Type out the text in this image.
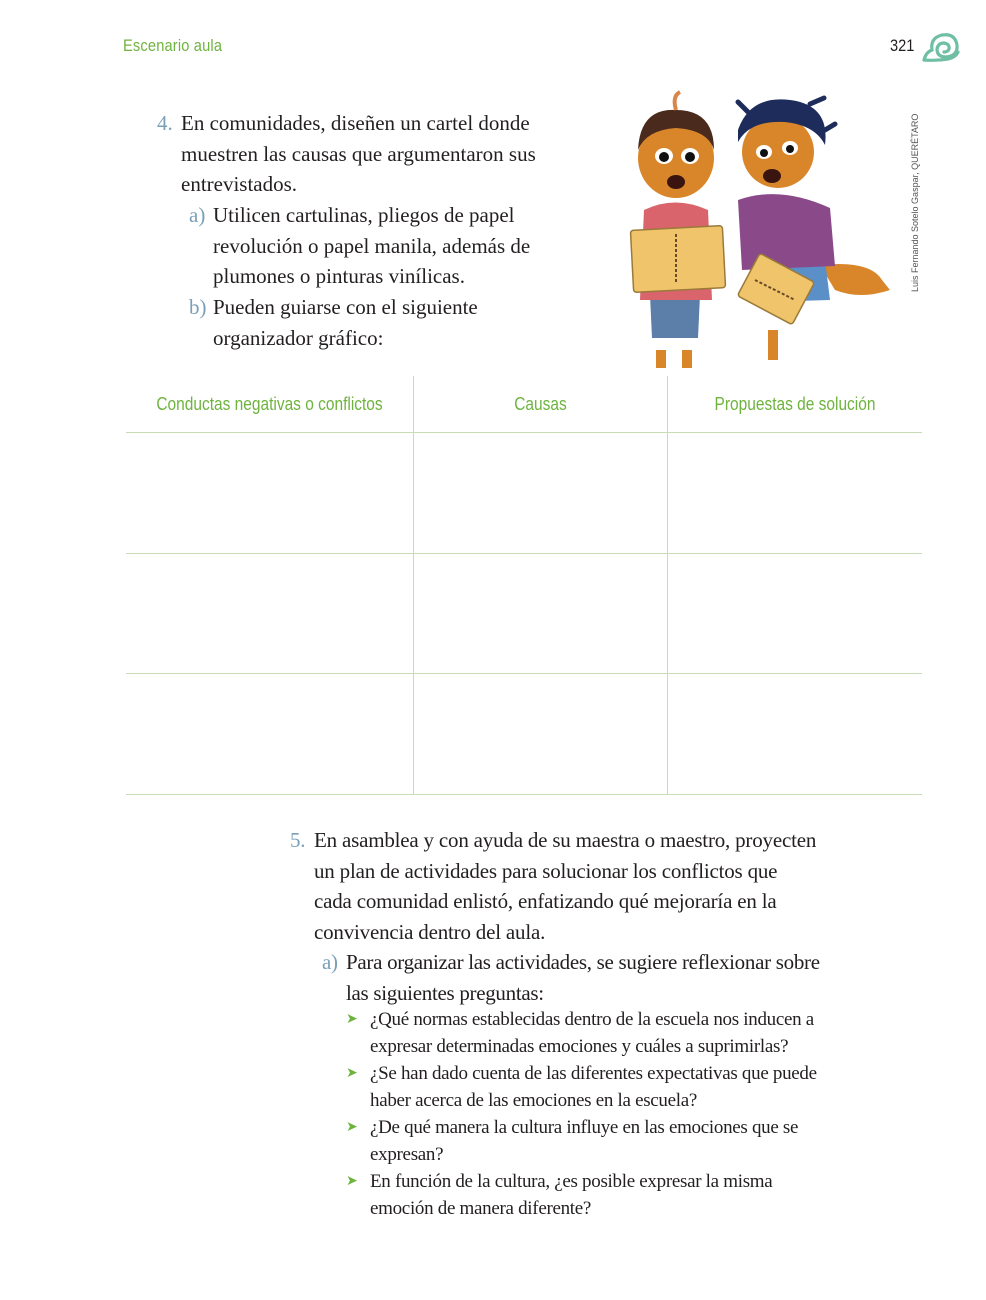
Escenario aula	321
Luis Fernando Sotelo Gaspar, QUERÉTARO
4. En comunidades, diseñen un cartel donde
muestren las causas que argumentaron sus
entrevistados.
a) Utilicen cartulinas, pliegos de papel
revolución o papel manila, además de
plumones o pinturas vinílicas.
b) Pueden guiarse con el siguiente
organizador gráfico:
Conductas negativas o conflictos	Causas	Propuestas de solución
5. En asamblea y con ayuda de su maestra o maestro, proyecten
un plan de actividades para solucionar los conflictos que
cada comunidad enlistó, enfatizando qué mejoraría en la
convivencia dentro del aula.
a) Para organizar las actividades, se sugiere reflexionar sobre
las siguientes preguntas:
➤ ¿Qué normas establecidas dentro de la escuela nos inducen a
expresar determinadas emociones y cuáles a suprimirlas?
➤ ¿Se han dado cuenta de las diferentes expectativas que puede
haber acerca de las emociones en la escuela?
➤ ¿De qué manera la cultura influye en las emociones que se
expresan?
➤ En función de la cultura, ¿es posible expresar la misma
emoción de manera diferente?
